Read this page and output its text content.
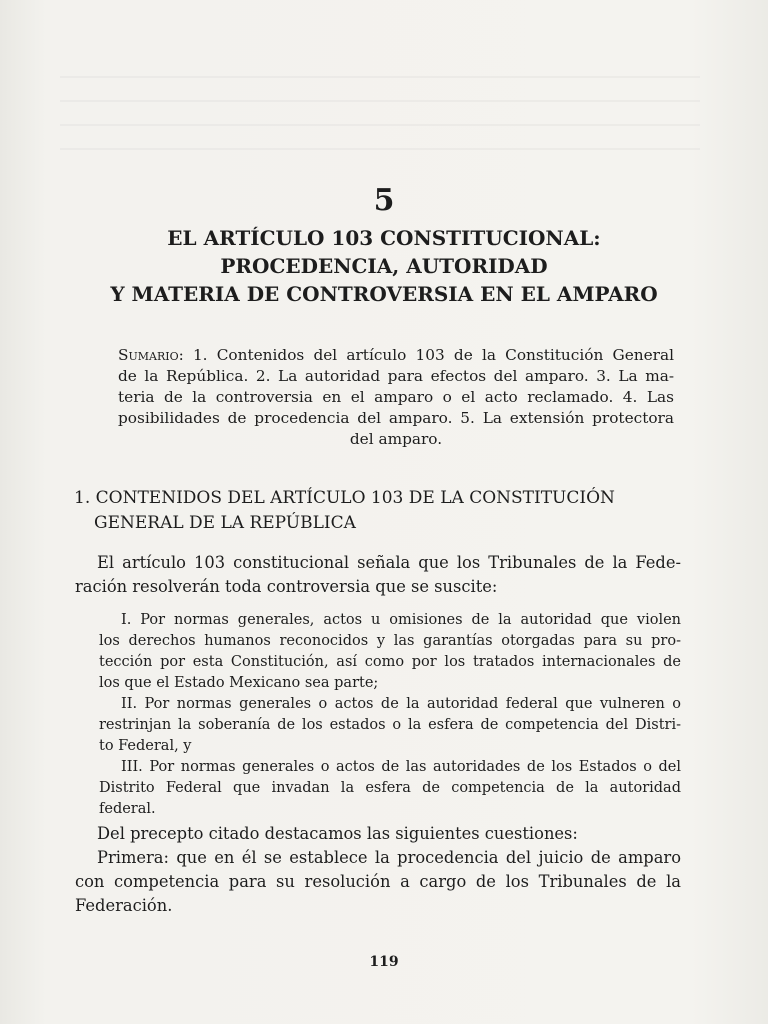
5
EL ARTÍCULO 103 CONSTITUCIONAL:
PROCEDENCIA, AUTORIDAD
Y MATERIA DE CONTROVERSIA EN EL AMPARO
Sumario: 1. Contenidos del artículo 103 de la Constitución General
de la República. 2. La autoridad para efectos del amparo. 3. La ma-
teria de la controversia en el amparo o el acto reclamado. 4. Las
posibilidades de procedencia del amparo. 5. La extensión protectora
del amparo.
1. CONTENIDOS DEL ARTÍCULO 103 DE LA CONSTITUCIÓN
GENERAL DE LA REPÚBLICA
El artículo 103 constitucional señala que los Tribunales de la Fede-
ración resolverán toda controversia que se suscite:

I. Por normas generales, actos u omisiones de la autoridad que violen
los derechos humanos reconocidos y las garantías otorgadas para su pro-
tección por esta Constitución, así como por los tratados internacionales de
los que el Estado Mexicano sea parte;

II. Por normas generales o actos de la autoridad federal que vulneren o
restrinjan la soberanía de los estados o la esfera de competencia del Distri-
to Federal, y

III. Por normas generales o actos de las autoridades de los Estados o del
Distrito Federal que invadan la esfera de competencia de la autoridad
federal.

Del precepto citado destacamos las siguientes cuestiones:
Primera: que en él se establece la procedencia del juicio de amparo
con competencia para su resolución a cargo de los Tribunales de la
Federación.
119
